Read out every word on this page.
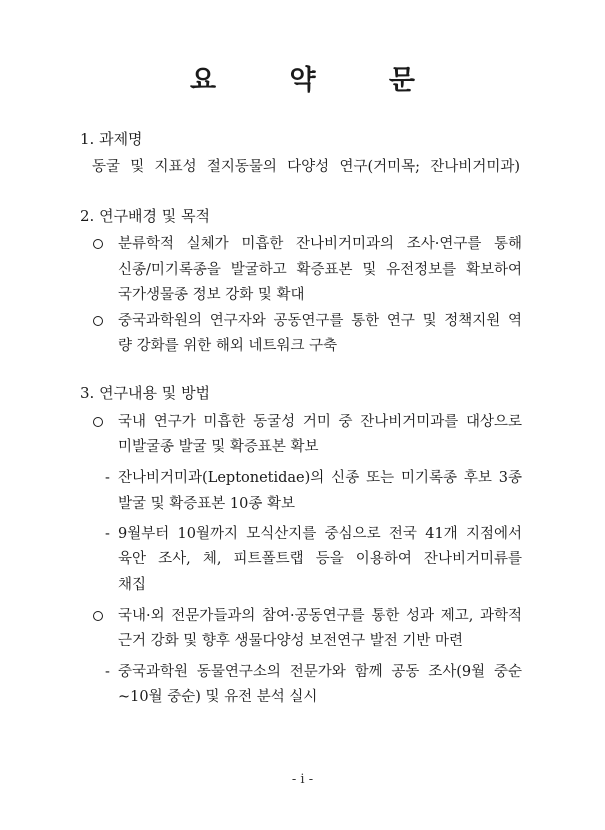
요 약 문
1. 과제명
동굴 및 지표성 절지동물의 다양성 연구(거미목; 잔나비거미과)
2. 연구배경 및 목적
분류학적 실체가 미흡한 잔나비거미과의 조사·연구를 통해
신종/미기록종을 발굴하고 확증표본 및 유전정보를 확보하여
국가생물종 정보 강화 및 확대
중국과학원의 연구자와 공동연구를 통한 연구 및 정책지원 역
량 강화를 위한 해외 네트워크 구축
3. 연구내용 및 방법
국내 연구가 미흡한 동굴성 거미 중 잔나비거미과를 대상으로
미발굴종 발굴 및 확증표본 확보
- 잔나비거미과(Leptonetidae)의 신종 또는 미기록종 후보 3종
발굴 및 확증표본 10종 확보
- 9월부터 10월까지 모식산지를 중심으로 전국 41개 지점에서
육안 조사, 체, 피트폴트랩 등을 이용하여 잔나비거미류를
채집
국내·외 전문가들과의 참여·공동연구를 통한 성과 제고, 과학적
근거 강화 및 향후 생물다양성 보전연구 발전 기반 마련
- 중국과학원 동물연구소의 전문가와 함께 공동 조사(9월 중순
~10월 중순) 및 유전 분석 실시
- i -
